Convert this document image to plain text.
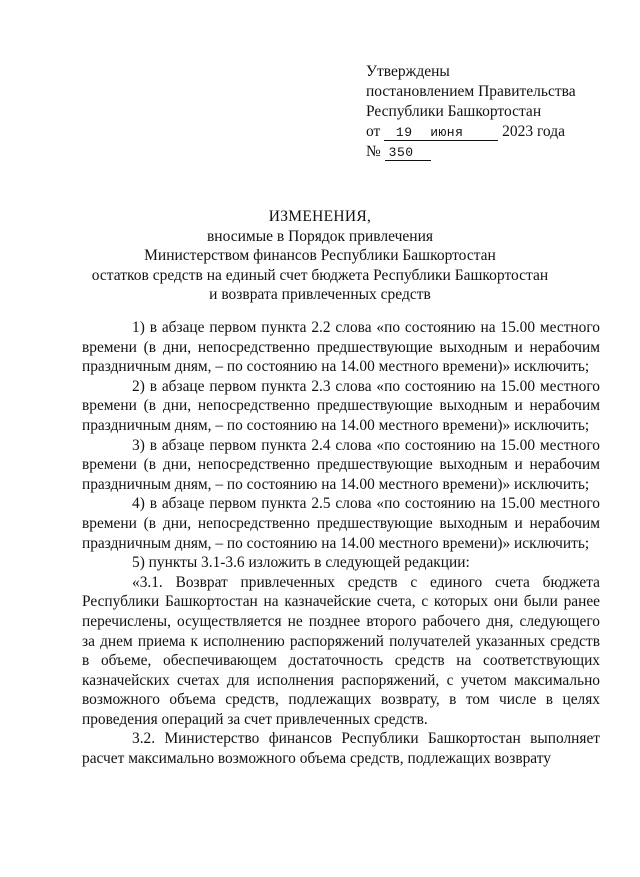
Утверждены
постановлением Правительства
Республики Башкортостан
от 19 июня 2023 года
№ 350
ИЗМЕНЕНИЯ,
вносимые в Порядок привлечения
Министерством финансов Республики Башкортостан
остатков средств на единый счет бюджета Республики Башкортостан
и возврата привлеченных средств

1) в абзаце первом пункта 2.2 слова «по состоянию на 15.00 местного времени (в дни, непосредственно предшествующие выходным и нерабочим праздничным дням, – по состоянию на 14.00 местного времени)» исключить;

2) в абзаце первом пункта 2.3 слова «по состоянию на 15.00 местного времени (в дни, непосредственно предшествующие выходным и нерабочим праздничным дням, – по состоянию на 14.00 местного времени)» исключить;

3) в абзаце первом пункта 2.4 слова «по состоянию на 15.00 местного времени (в дни, непосредственно предшествующие выходным и нерабочим праздничным дням, – по состоянию на 14.00 местного времени)» исключить;

4) в абзаце первом пункта 2.5 слова «по состоянию на 15.00 местного времени (в дни, непосредственно предшествующие выходным и нерабочим праздничным дням, – по состоянию на 14.00 местного времени)» исключить;

5) пункты 3.1-3.6 изложить в следующей редакции:

«3.1. Возврат привлеченных средств с единого счета бюджета Республики Башкортостан на казначейские счета, с которых они были ранее перечислены, осуществляется не позднее второго рабочего дня, следующего за днем приема к исполнению распоряжений получателей указанных средств в объеме, обеспечивающем достаточность средств на соответствующих казначейских счетах для исполнения распоряжений, с учетом максимально возможного объема средств, подлежащих возврату, в том числе в целях проведения операций за счет привлеченных средств.

3.2. Министерство финансов Республики Башкортостан выполняет расчет максимально возможного объема средств, подлежащих возврату
